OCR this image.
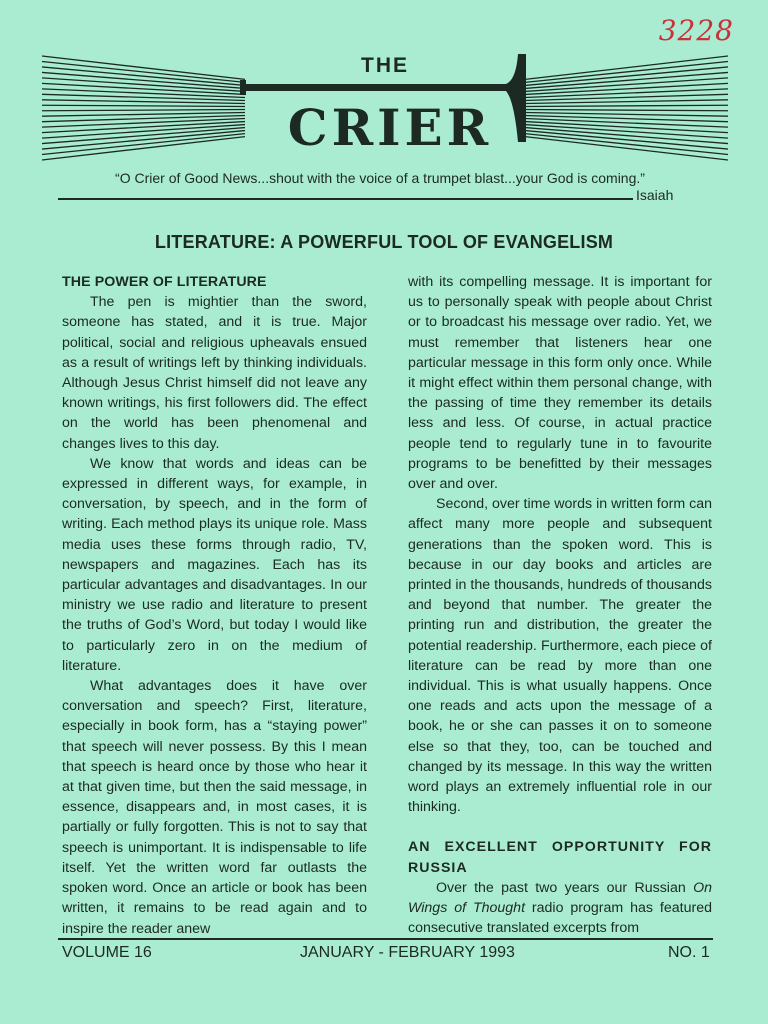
3228
THE
CRIER
“O Crier of Good News...shout with the voice of a trumpet blast...your God is coming.”
Isaiah
LITERATURE: A POWERFUL TOOL OF EVANGELISM

THE POWER OF LITERATURE

The pen is mightier than the sword, someone has stated, and it is true. Major political, social and religious upheavals ensued as a result of writings left by thinking individuals. Although Jesus Christ himself did not leave any known writings, his first followers did. The effect on the world has been phenomenal and changes lives to this day.

We know that words and ideas can be expressed in different ways, for example, in conversation, by speech, and in the form of writing. Each method plays its unique role. Mass media uses these forms through radio, TV, newspapers and magazines. Each has its particular advantages and disadvantages. In our ministry we use radio and literature to present the truths of God’s Word, but today I would like to particularly zero in on the medium of literature.

What advantages does it have over conversation and speech? First, literature, especially in book form, has a “staying power” that speech will never possess. By this I mean that speech is heard once by those who hear it at that given time, but then the said message, in essence, disappears and, in most cases, it is partially or fully forgotten. This is not to say that speech is unimportant. It is indispensable to life itself. Yet the written word far outlasts the spoken word. Once an article or book has been written, it remains to be read again and to inspire the reader anew

with its compelling message. It is important for us to personally speak with people about Christ or to broadcast his message over radio. Yet, we must remember that listeners hear one particular message in this form only once. While it might effect within them personal change, with the passing of time they remember its details less and less. Of course, in actual practice people tend to regularly tune in to favourite programs to be benefitted by their messages over and over.

Second, over time words in written form can affect many more people and subsequent generations than the spoken word. This is because in our day books and articles are printed in the thousands, hundreds of thousands and beyond that number. The greater the printing run and distribution, the greater the potential readership. Furthermore, each piece of literature can be read by more than one individual. This is what usually happens. Once one reads and acts upon the message of a book, he or she can passes it on to someone else so that they, too, can be touched and changed by its message. In this way the written word plays an extremely influential role in our thinking.

AN EXCELLENT OPPORTUNITY FOR RUSSIA

Over the past two years our Russian On Wings of Thought radio program has featured consecutive translated excerpts from

VOLUME 16	JANUARY - FEBRUARY 1993	NO. 1
